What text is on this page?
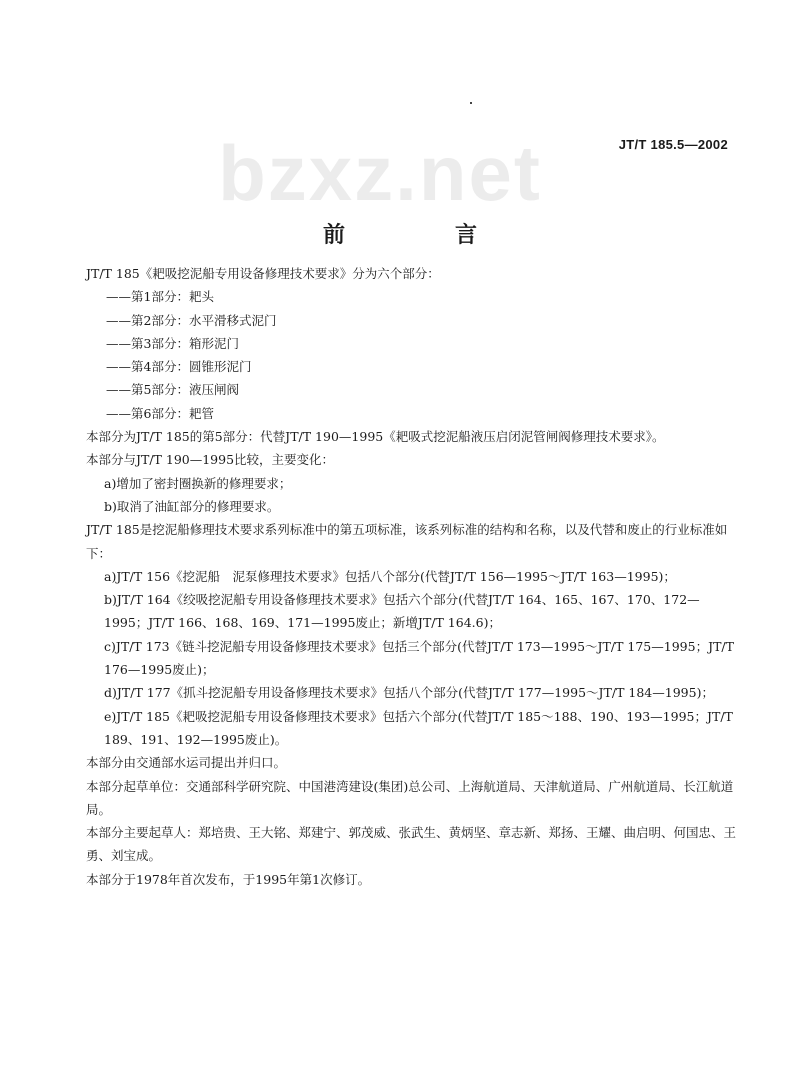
bzxz.net	JT/T 185.5—2002
前　言

JT/T 185《耙吸挖泥船专用设备修理技术要求》分为六个部分：

——第1部分：耙头

——第2部分：水平滑移式泥门

——第3部分：箱形泥门

——第4部分：圆锥形泥门

——第5部分：液压闸阀

——第6部分：耙管

本部分为JT/T 185的第5部分：代替JT/T 190—1995《耙吸式挖泥船液压启闭泥管闸阀修理技术要求》。

本部分与JT/T 190—1995比较，主要变化：

a)增加了密封圈换新的修理要求；

b)取消了油缸部分的修理要求。

JT/T 185是挖泥船修理技术要求系列标准中的第五项标准，该系列标准的结构和名称，以及代替和废止的行业标准如下：

a)JT/T 156《挖泥船　泥泵修理技术要求》包括八个部分(代替JT/T 156—1995～JT/T 163—1995)；

b)JT/T 164《绞吸挖泥船专用设备修理技术要求》包括六个部分(代替JT/T 164、165、167、170、172—1995；JT/T 166、168、169、171—1995废止；新增JT/T 164.6)；

c)JT/T 173《链斗挖泥船专用设备修理技术要求》包括三个部分(代替JT/T 173—1995～JT/T 175—1995；JT/T 176—1995废止)；

d)JT/T 177《抓斗挖泥船专用设备修理技术要求》包括八个部分(代替JT/T 177—1995～JT/T 184—1995)；

e)JT/T 185《耙吸挖泥船专用设备修理技术要求》包括六个部分(代替JT/T 185～188、190、193—1995；JT/T 189、191、192—1995废止)。

本部分由交通部水运司提出并归口。

本部分起草单位：交通部科学研究院、中国港湾建设(集团)总公司、上海航道局、天津航道局、广州航道局、长江航道局。

本部分主要起草人：郑培贵、王大铭、郑建宁、郭茂威、张武生、黄炳坚、章志新、郑扬、王耀、曲启明、何国忠、王勇、刘宝成。

本部分于1978年首次发布，于1995年第1次修订。
